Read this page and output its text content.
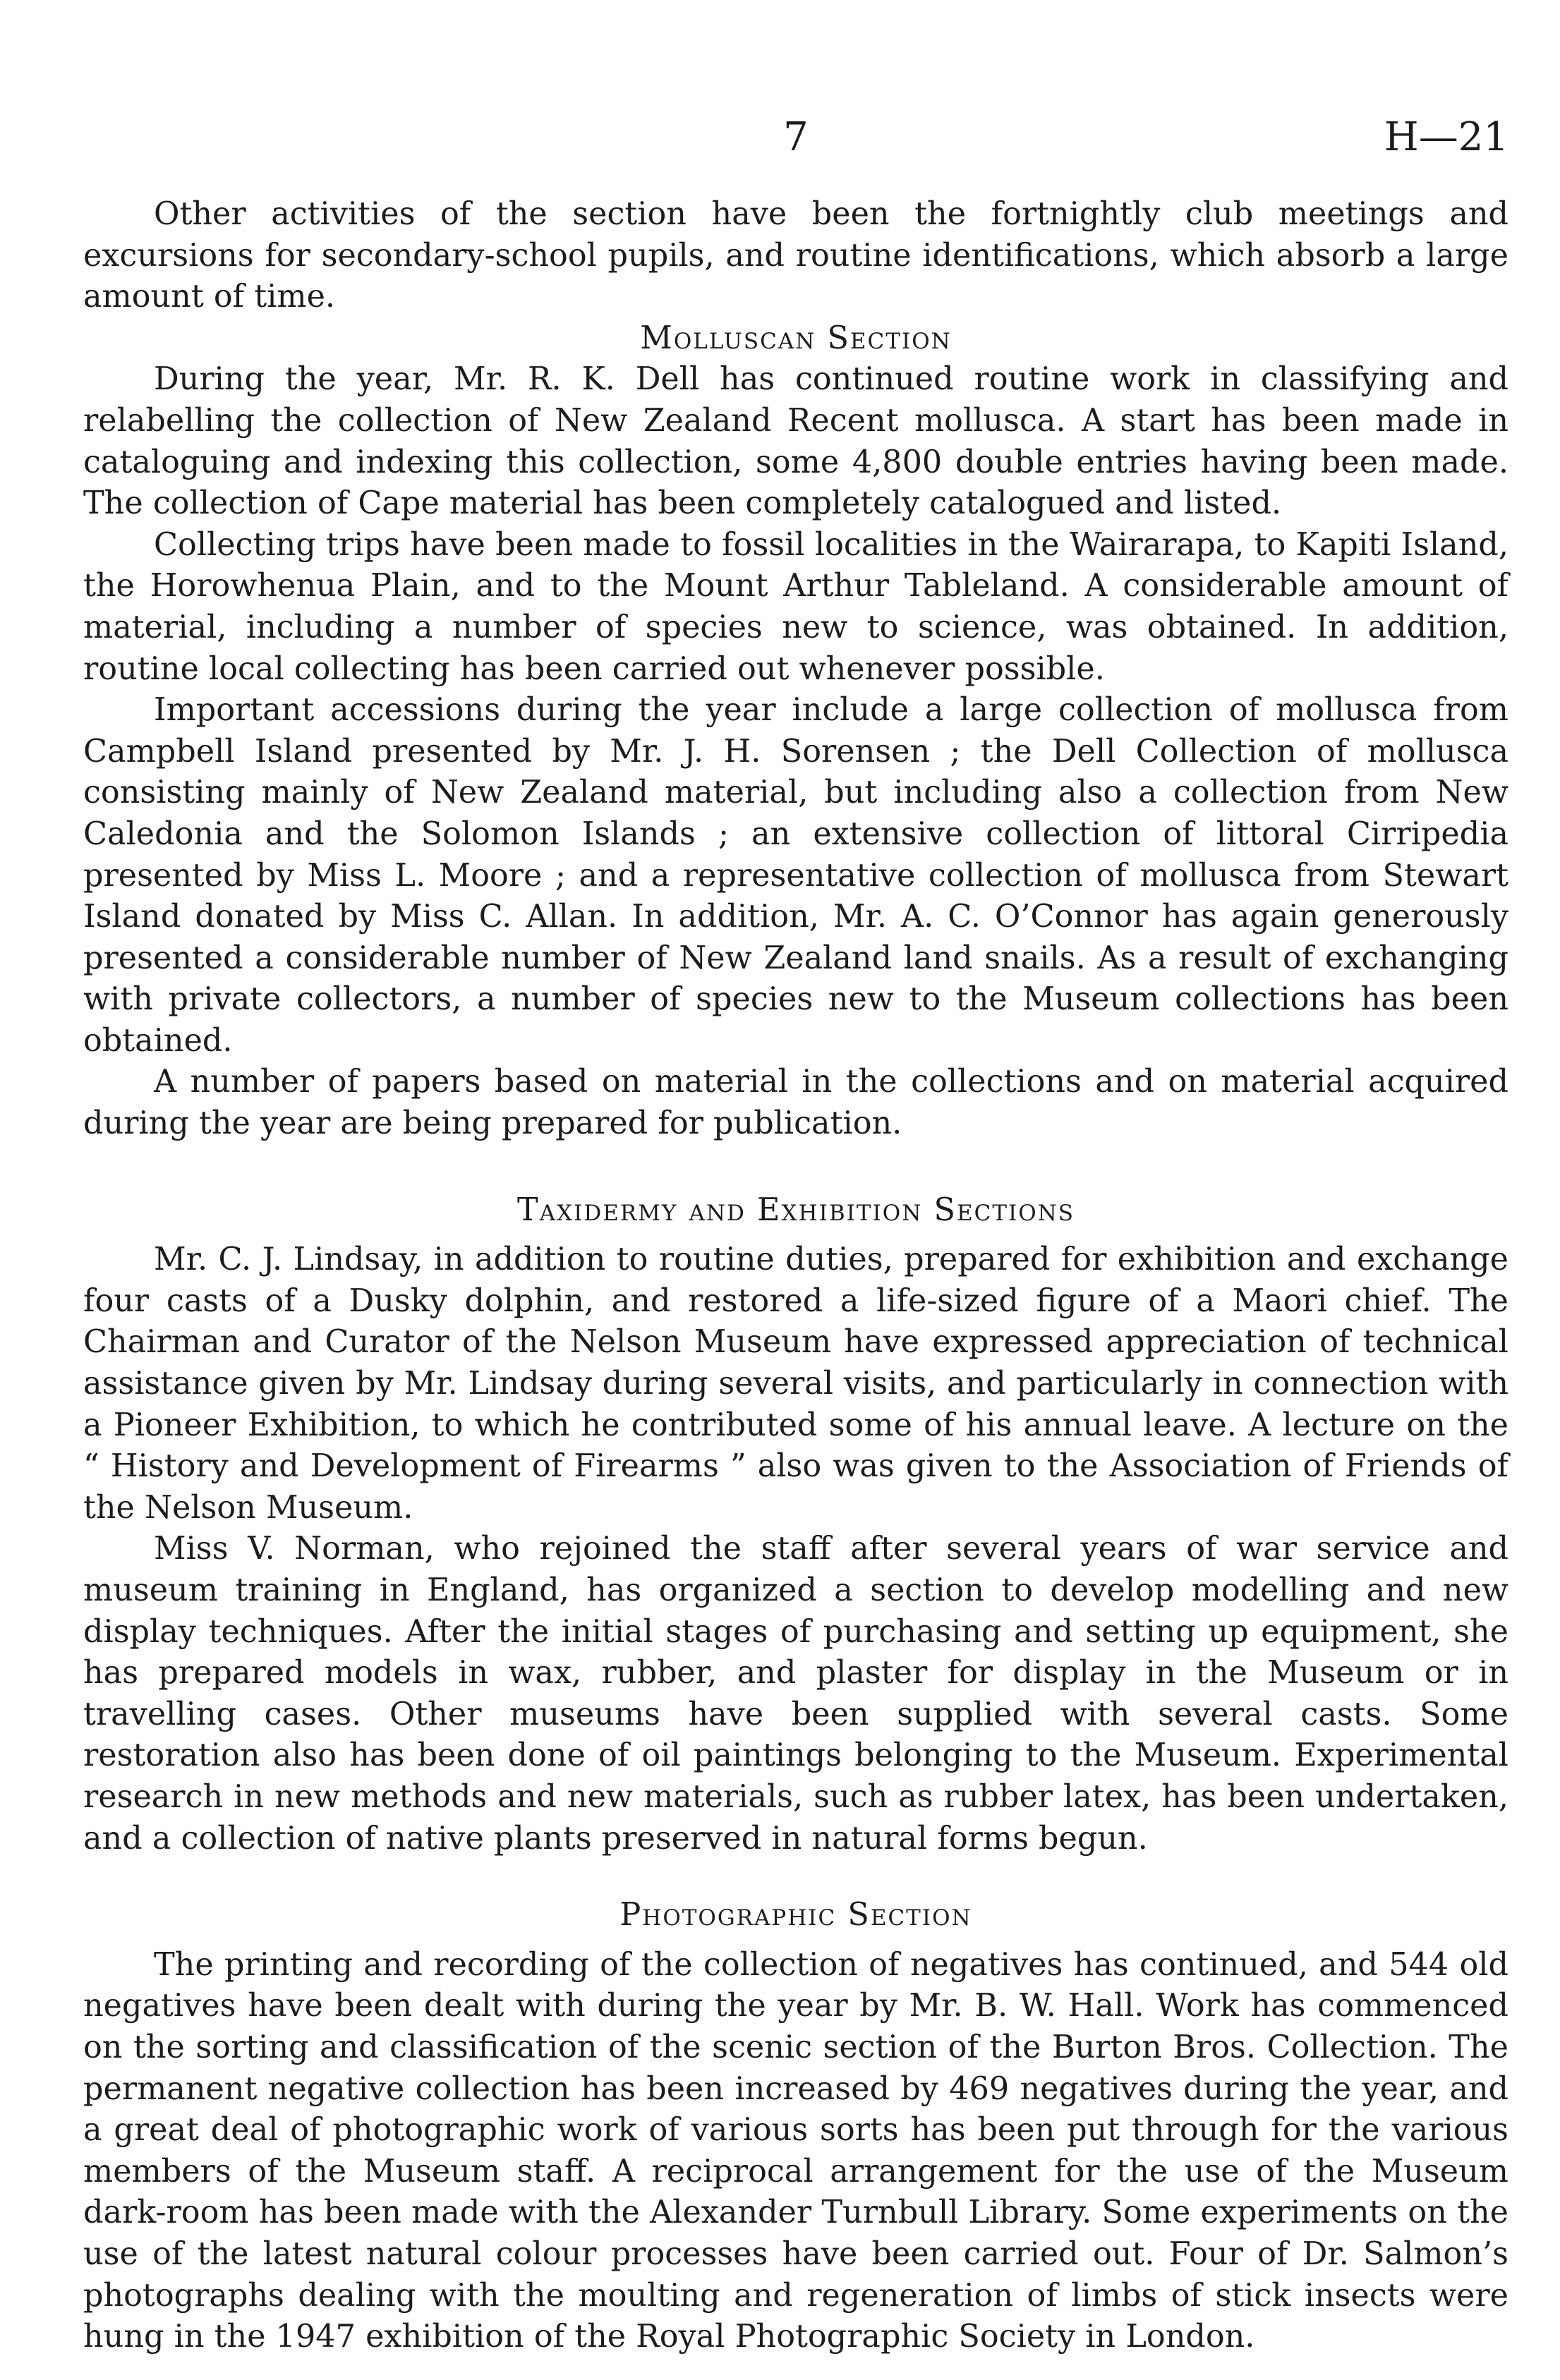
7	H—21

Other activities of the section have been the fortnightly club meetings and excursions for secondary-school pupils, and routine identifications, which absorb a large amount of time.

Molluscan Section

During the year, Mr. R. K. Dell has continued routine work in classifying and relabelling the collection of New Zealand Recent mollusca. A start has been made in cataloguing and indexing this collection, some 4,800 double entries having been made. The collection of Cape material has been completely catalogued and listed.

Collecting trips have been made to fossil localities in the Wairarapa, to Kapiti Island, the Horowhenua Plain, and to the Mount Arthur Tableland. A considerable amount of material, including a number of species new to science, was obtained. In addition, routine local collecting has been carried out whenever possible.

Important accessions during the year include a large collection of mollusca from Campbell Island presented by Mr. J. H. Sorensen ; the Dell Collection of mollusca consisting mainly of New Zealand material, but including also a collection from New Caledonia and the Solomon Islands ; an extensive collection of littoral Cirripedia presented by Miss L. Moore ; and a representative collection of mollusca from Stewart Island donated by Miss C. Allan. In addition, Mr. A. C. O’Connor has again generously presented a considerable number of New Zealand land snails. As a result of exchanging with private collectors, a number of species new to the Museum collections has been obtained.

A number of papers based on material in the collections and on material acquired during the year are being prepared for publication.

Taxidermy and Exhibition Sections

Mr. C. J. Lindsay, in addition to routine duties, prepared for exhibition and exchange four casts of a Dusky dolphin, and restored a life-sized figure of a Maori chief. The Chairman and Curator of the Nelson Museum have expressed appreciation of technical assistance given by Mr. Lindsay during several visits, and particularly in connection with a Pioneer Exhibition, to which he contributed some of his annual leave. A lecture on the “ History and Development of Firearms ” also was given to the Association of Friends of the Nelson Museum.

Miss V. Norman, who rejoined the staff after several years of war service and museum training in England, has organized a section to develop modelling and new display techniques. After the initial stages of purchasing and setting up equipment, she has prepared models in wax, rubber, and plaster for display in the Museum or in travelling cases. Other museums have been supplied with several casts. Some restoration also has been done of oil paintings belonging to the Museum. Experimental research in new methods and new materials, such as rubber latex, has been undertaken, and a collection of native plants preserved in natural forms begun.

Photographic Section

The printing and recording of the collection of negatives has continued, and 544 old negatives have been dealt with during the year by Mr. B. W. Hall. Work has commenced on the sorting and classification of the scenic section of the Burton Bros. Collection. The permanent negative collection has been increased by 469 negatives during the year, and a great deal of photographic work of various sorts has been put through for the various members of the Museum staff. A reciprocal arrangement for the use of the Museum dark-room has been made with the Alexander Turnbull Library. Some experiments on the use of the latest natural colour processes have been carried out. Four of Dr. Salmon’s photographs dealing with the moulting and regeneration of limbs of stick insects were hung in the 1947 exhibition of the Royal Photographic Society in London.
